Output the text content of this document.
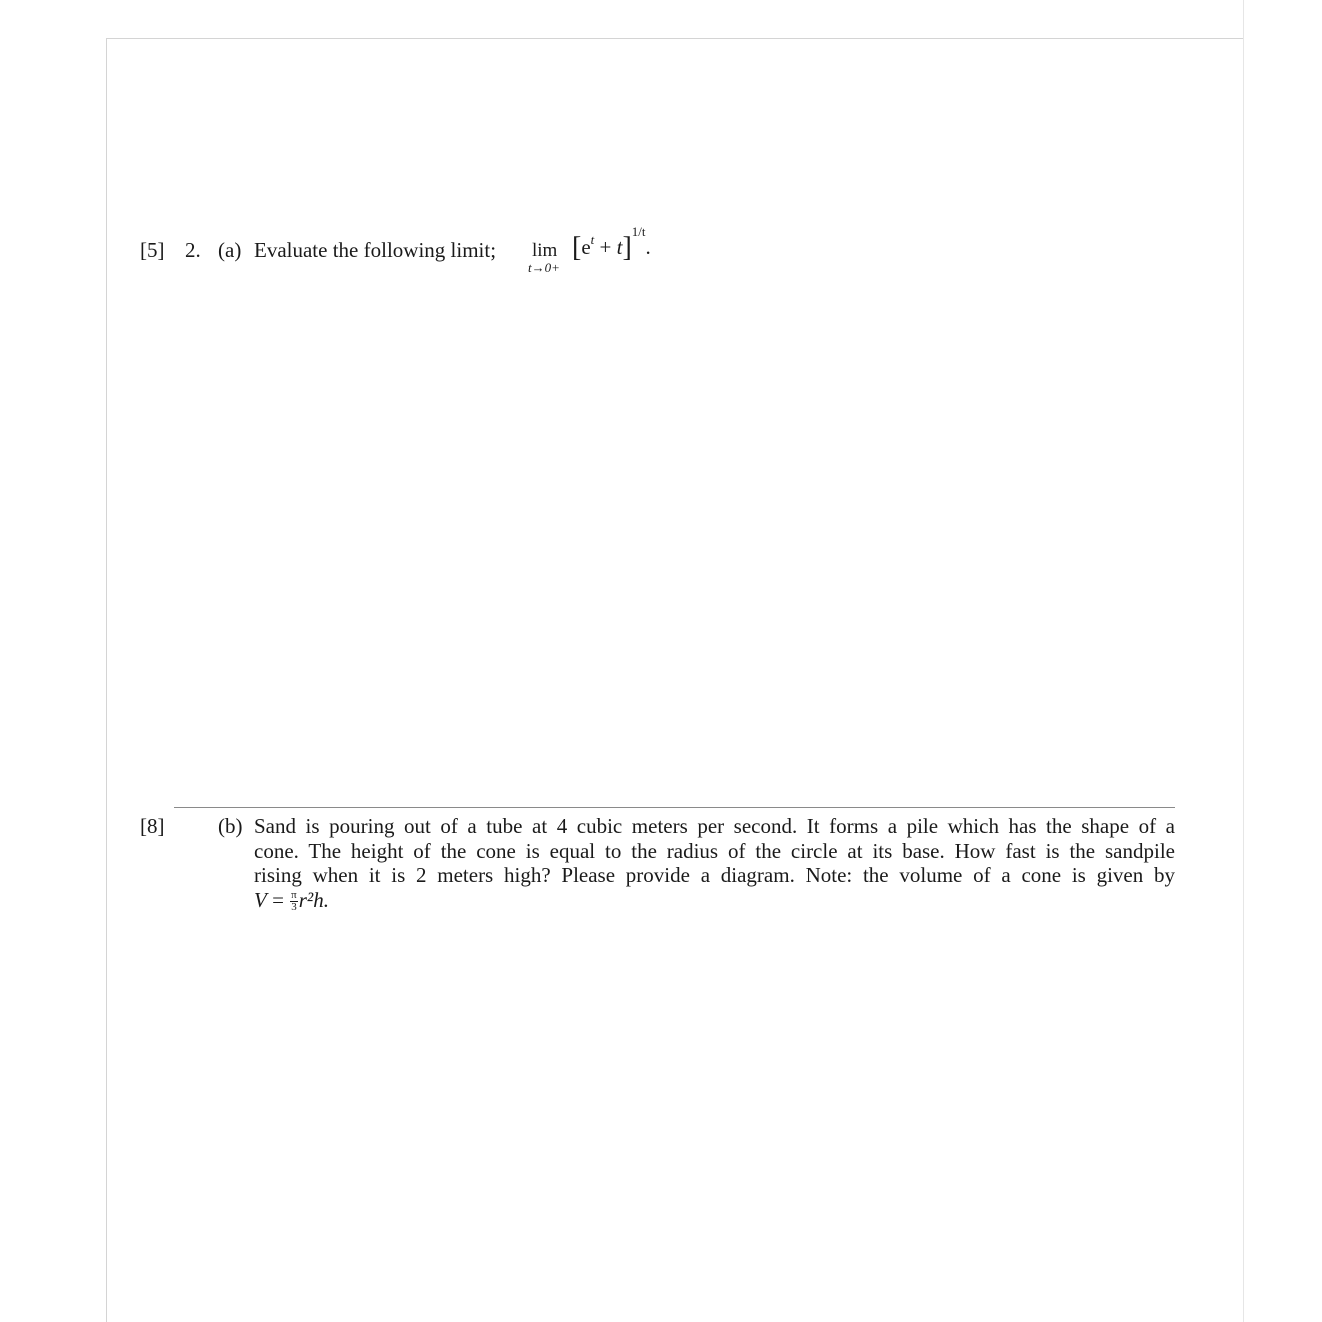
[5] 2. (a) Evaluate the following limit; lim
t→0+
$[e^t + t]^{1/t}$.
[8]	(b) Sand is pouring out of a tube at 4 cubic meters per second. It forms a pile which has the shape of a
cone. The height of the cone is equal to the radius of the circle at its base. How fast is the sandpile
rising when it is 2 meters high? Please provide a diagram. Note: the volume of a cone is given by
$V = \frac{\pi}{3} r^2h$.
